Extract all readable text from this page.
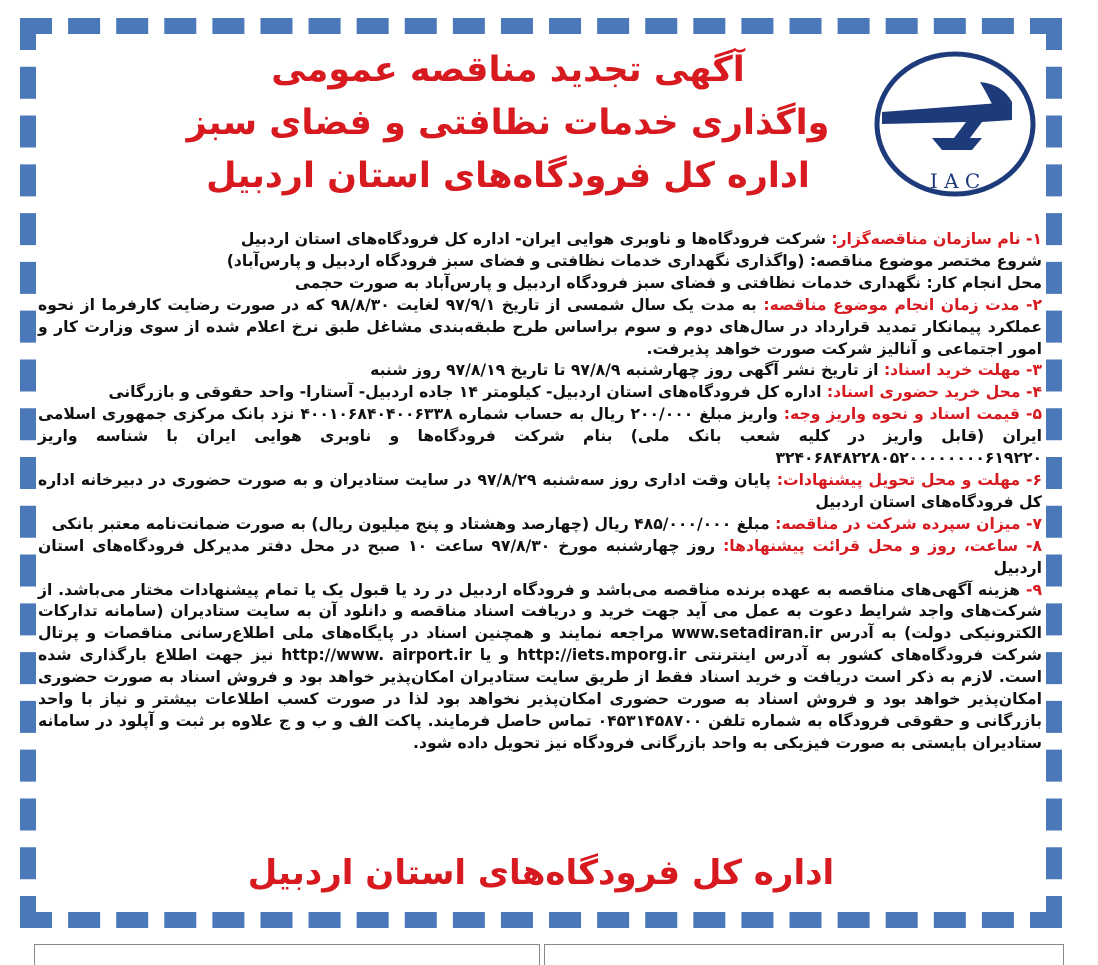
I A C
آگهی تجدید مناقصه عمومی
واگذاری خدمات نظافتی و فضای سبز
اداره کل فرودگاه‌های استان اردبیل

۱- نام سازمان مناقصه‌گزار: شرکت فرودگاه‌ها و ناوبری هوایی ایران- اداره کل فرودگاه‌های استان اردبیل

شروع مختصر موضوع مناقصه: (واگذاری نگهداری خدمات نظافتی و فضای سبز فرودگاه اردبیل و پارس‌آباد)

محل انجام کار: نگهداری خدمات نظافتی و فضای سبز فرودگاه اردبیل و پارس‌آباد به صورت حجمی

۲- مدت زمان انجام موضوع مناقصه: به مدت یک سال شمسی از تاریخ ۹۷/۹/۱ لغایت ۹۸/۸/۳۰ که در صورت رضایت کارفرما از نحوه عملکرد پیمانکار تمدید قرارداد در سال‌های دوم و سوم براساس طرح طبقه‌بندی مشاغل طبق نرخ اعلام شده از سوی وزارت کار و امور اجتماعی و آنالیز شرکت صورت خواهد پذیرفت.

۳- مهلت خرید اسناد: از تاریخ نشر آگهی روز چهارشنبه ۹۷/۸/۹ تا تاریخ ۹۷/۸/۱۹ روز شنبه

۴- محل خرید حضوری اسناد: اداره کل فرودگاه‌های استان اردبیل- کیلومتر ۱۴ جاده اردبیل- آستارا- واحد حقوقی و بازرگانی

۵- قیمت اسناد و نحوه واریز وجه: واریز مبلغ ۲۰۰/۰۰۰ ریال به حساب شماره ۴۰۰۱۰۶۸۴۰۴۰۰۶۳۳۸ نزد بانک مرکزی جمهوری اسلامی ایران (قابل واریز در کلیه شعب بانک ملی) بنام شرکت فرودگاه‌ها و ناوبری هوایی ایران با شناسه واریز ۳۲۴۰۶۸۴۸۲۲۸۰۵۲۰۰۰۰۰۰۰۰۶۱۹۲۲۰

۶- مهلت و محل تحویل پیشنهادات: پایان وقت اداری روز سه‌شنبه ۹۷/۸/۲۹ در سایت ستادیران و به صورت حضوری در دبیرخانه اداره کل فرودگاه‌های استان اردبیل

۷- میزان سپرده شرکت در مناقصه: مبلغ ۴۸۵/۰۰۰/۰۰۰ ریال (چهارصد وهشتاد و پنج میلیون ریال) به صورت ضمانت‌نامه معتبر بانکی

۸- ساعت، روز و محل قرائت پیشنهادها: روز چهارشنبه مورخ ۹۷/۸/۳۰ ساعت ۱۰ صبح در محل دفتر مدیرکل فرودگاه‌های استان اردبیل

۹- هزینه آگهی‌های مناقصه به عهده برنده مناقصه می‌باشد و فرودگاه اردبیل در رد یا قبول یک یا تمام پیشنهادات مختار می‌باشد. از شرکت‌های واجد شرایط دعوت به عمل می آید جهت خرید و دریافت اسناد مناقصه و دانلود آن به سایت ستادیران (سامانه تدارکات الکترونیکی دولت) به آدرس www.setadiran.ir مراجعه نمایند و همچنین اسناد در پایگاه‌های ملی اطلاع‌رسانی مناقصات و پرتال شرکت فرودگاه‌های کشور به آدرس اینترنتی http://iets.mporg.ir و یا http://www. airport.ir نیز جهت اطلاع بارگذاری شده است. لازم به ذکر است دریافت و خرید اسناد فقط از طریق سایت ستادیران امکان‌پذیر خواهد بود و فروش اسناد به صورت حضوری امکان‌پذیر خواهد بود و فروش اسناد به صورت حضوری امکان‌پذیر نخواهد بود لذا در صورت کسب اطلاعات بیشتر و نیاز با واحد بازرگانی و حقوقی فرودگاه به شماره تلفن ۰۴۵۳۱۴۵۸۷۰۰ تماس حاصل فرمایند. پاکت الف و ب و ج علاوه بر ثبت و آپلود در سامانه ستادیران بایستی به صورت فیزیکی به واحد بازرگانی فرودگاه نیز تحویل داده شود.

اداره کل فرودگاه‌های استان اردبیل
